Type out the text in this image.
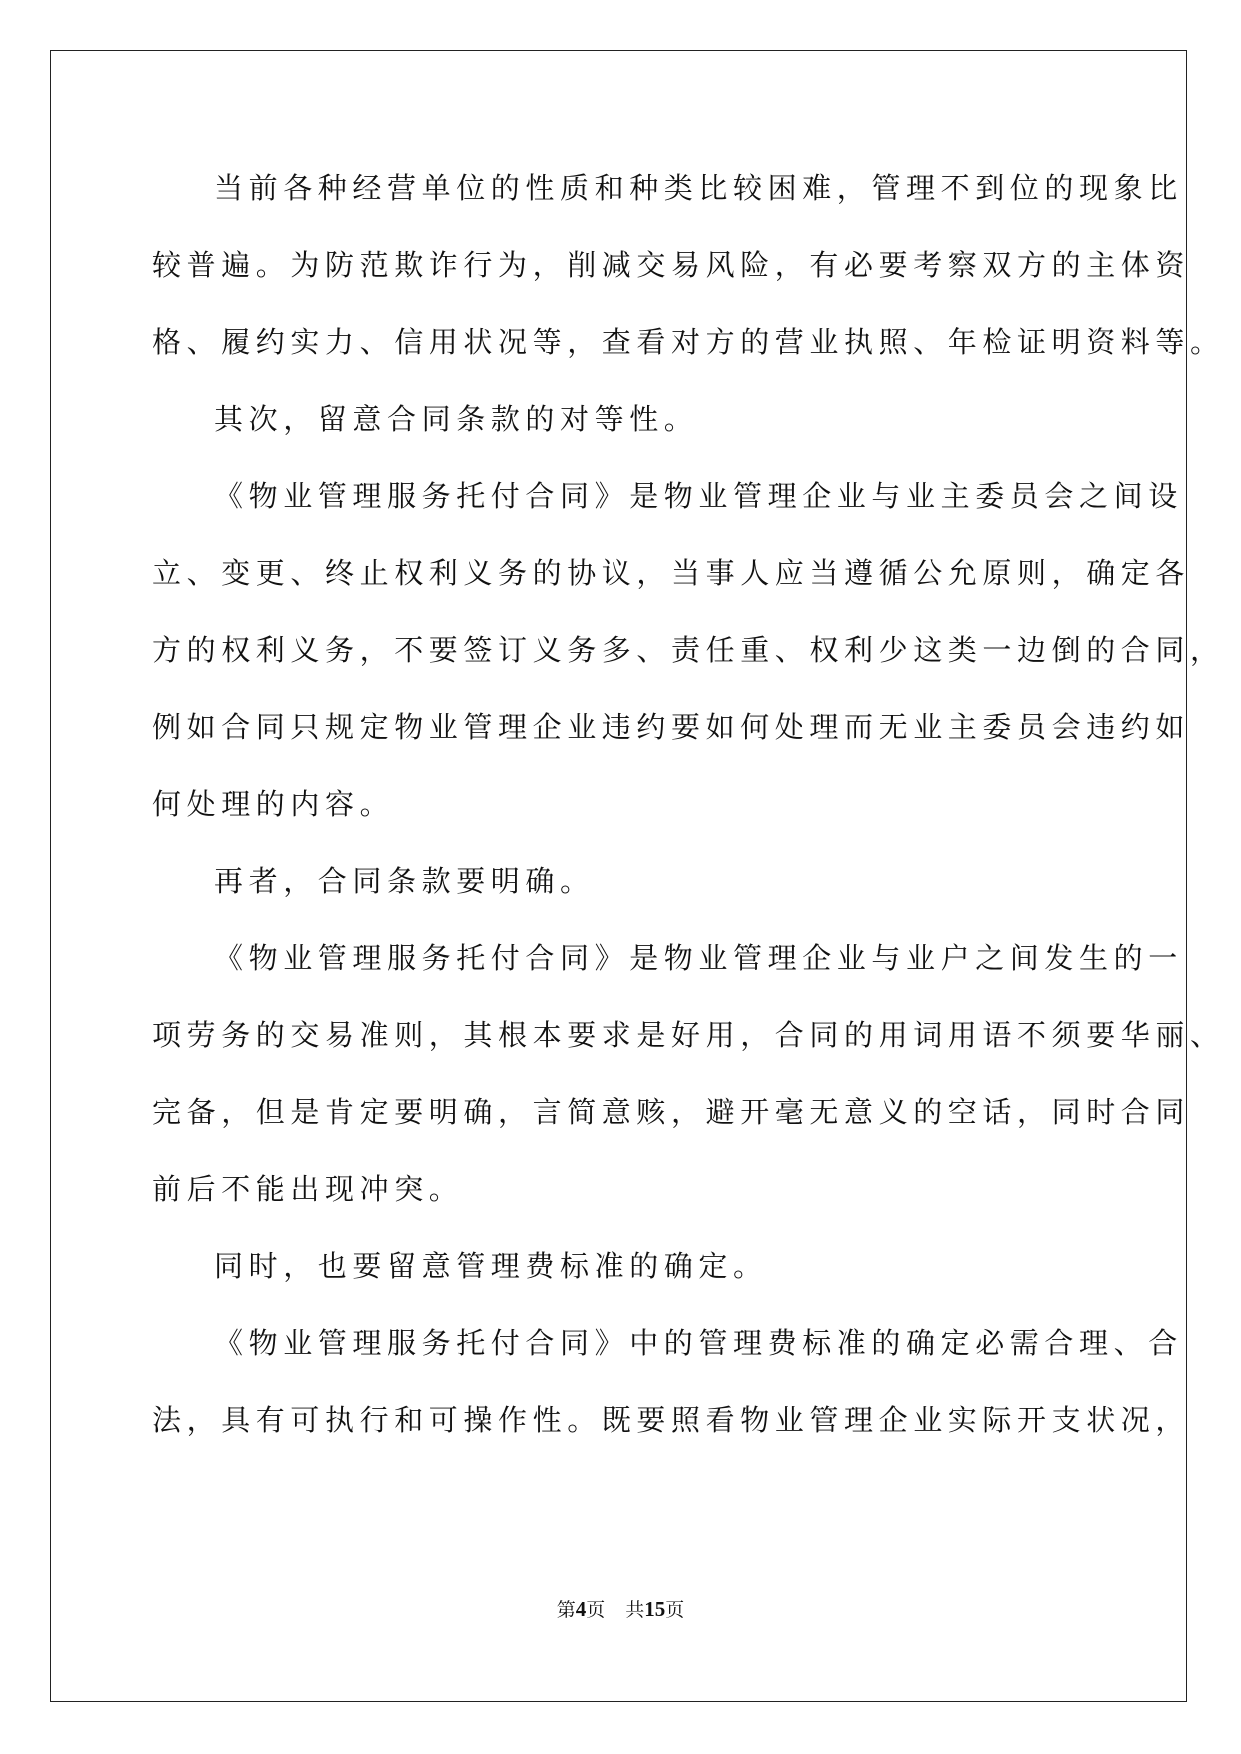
当前各种经营单位的性质和种类比较困难，管理不到位的现象比
较普遍。为防范欺诈行为，削减交易风险，有必要考察双方的主体资
格、履约实力、信用状况等，查看对方的营业执照、年检证明资料等。
其次，留意合同条款的对等性。
《物业管理服务托付合同》是物业管理企业与业主委员会之间设
立、变更、终止权利义务的协议，当事人应当遵循公允原则，确定各
方的权利义务，不要签订义务多、责任重、权利少这类一边倒的合同，
例如合同只规定物业管理企业违约要如何处理而无业主委员会违约如
何处理的内容。
再者，合同条款要明确。
《物业管理服务托付合同》是物业管理企业与业户之间发生的一
项劳务的交易准则，其根本要求是好用，合同的用词用语不须要华丽、
完备，但是肯定要明确，言简意赅，避开毫无意义的空话，同时合同
前后不能出现冲突。
同时，也要留意管理费标准的确定。
《物业管理服务托付合同》中的管理费标准的确定必需合理、合
法，具有可执行和可操作性。既要照看物业管理企业实际开支状况，
第4页 共15页
